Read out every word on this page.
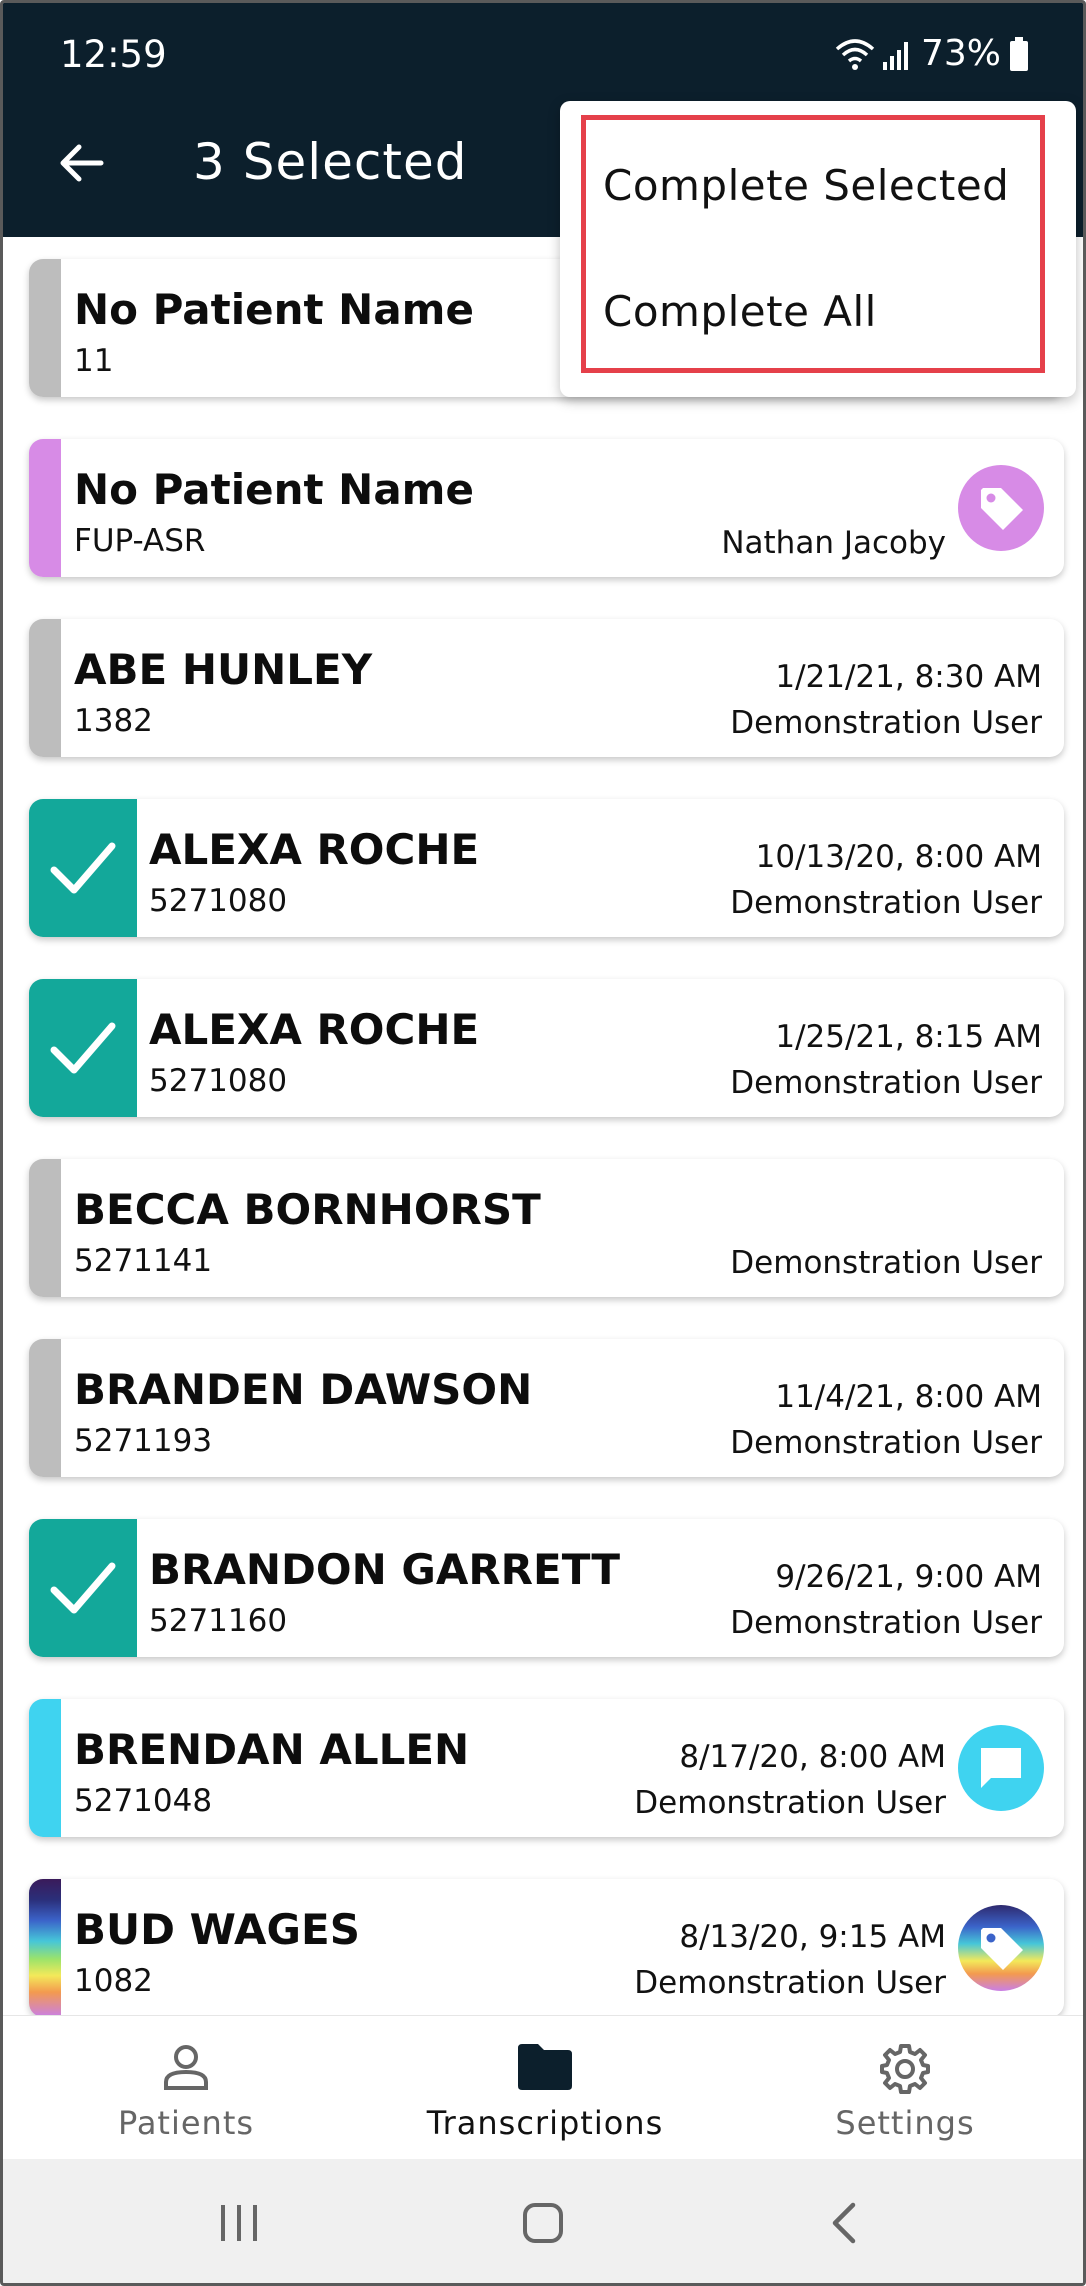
12:59	73%
3 Selected
No Patient Name
11
No Patient Name
FUP-ASR	Nathan Jacoby
ABE HUNLEY
1382
1/21/21, 8:30 AM
Demonstration User
ALEXA ROCHE
5271080
10/13/20, 8:00 AM
Demonstration User
ALEXA ROCHE
5271080
1/25/21, 8:15 AM
Demonstration User
BECCA BORNHORST
5271141	Demonstration User
BRANDEN DAWSON
5271193
11/4/21, 8:00 AM
Demonstration User
BRANDON GARRETT
5271160
9/26/21, 9:00 AM
Demonstration User
BRENDAN ALLEN
5271048
8/17/20, 8:00 AM
Demonstration User
BUD WAGES
1082
8/13/20, 9:15 AM
Demonstration User
Complete Selected
Complete All
Patients	Transcriptions	Settings
